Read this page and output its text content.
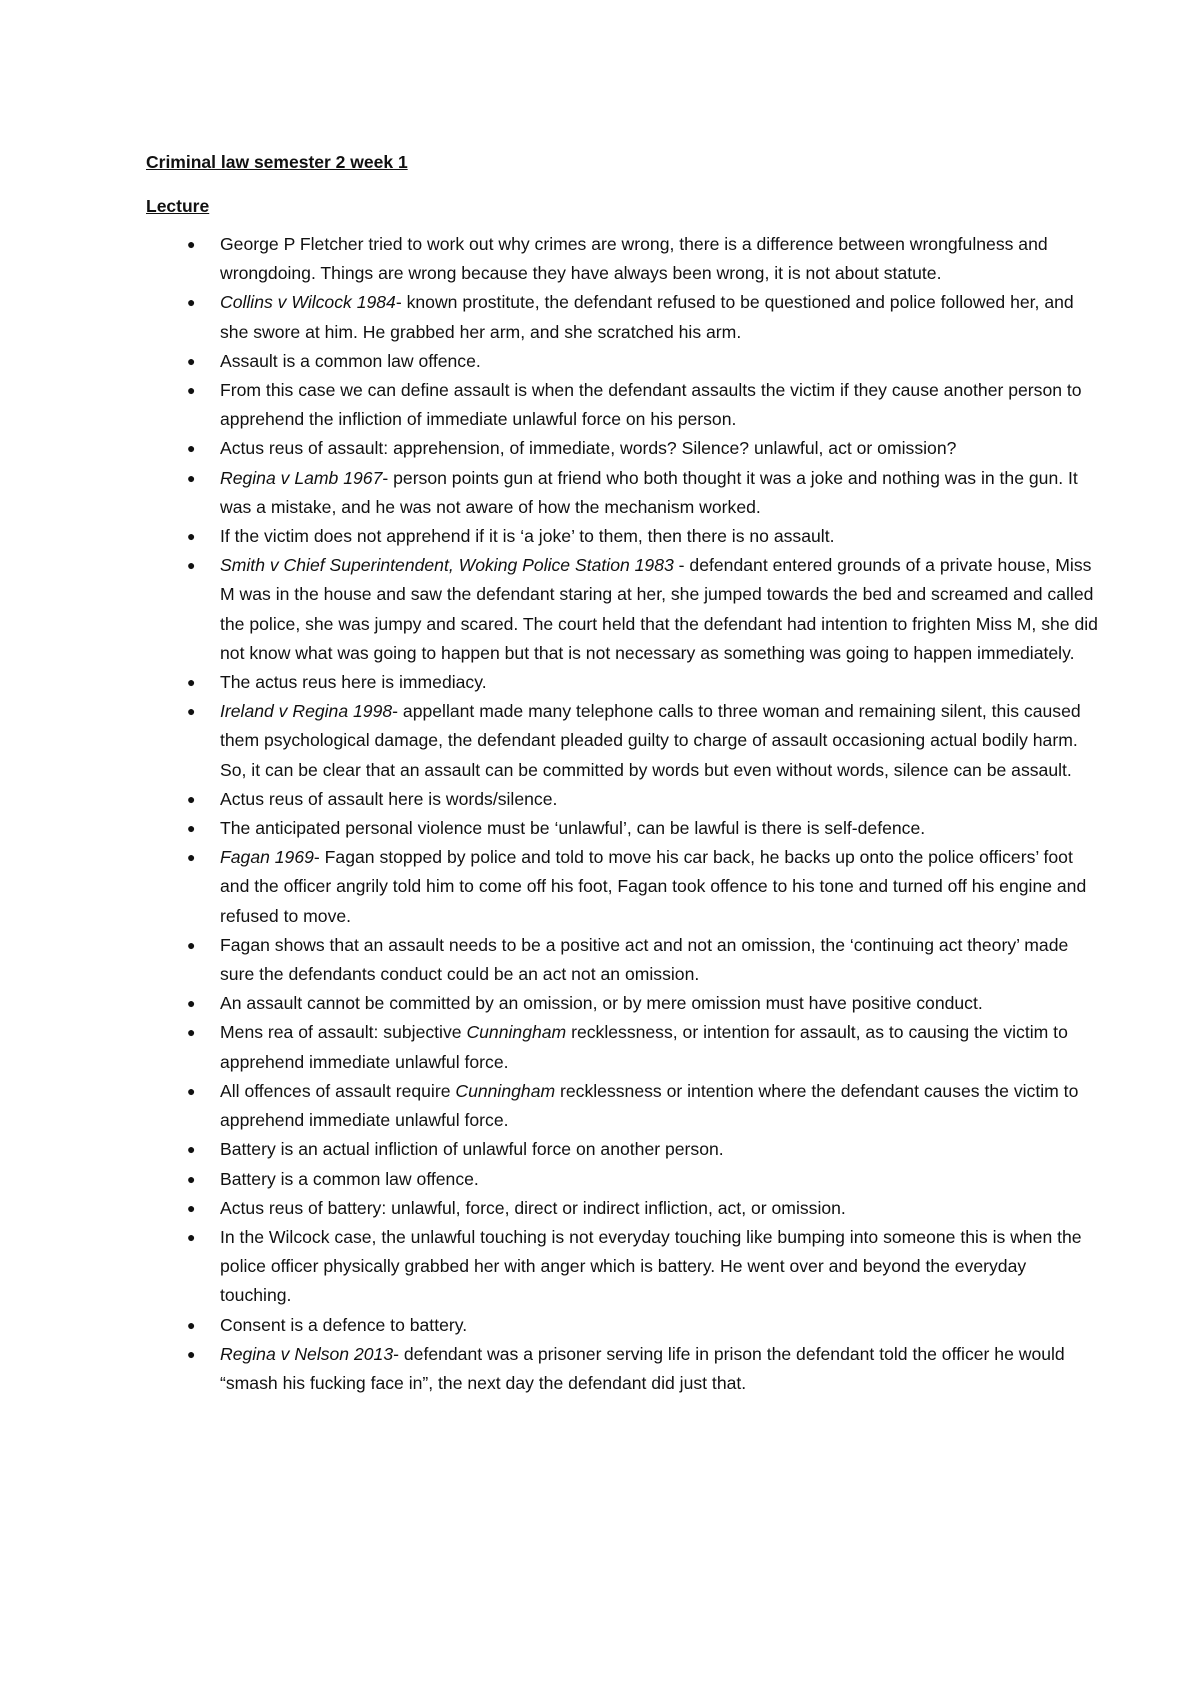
Criminal law semester 2 week 1

Lecture

● George P Fletcher tried to work out why crimes are wrong, there is a difference between wrongfulness and wrongdoing. Things are wrong because they have always been wrong, it is not about statute.
● Collins v Wilcock 1984- known prostitute, the defendant refused to be questioned and police followed her, and she swore at him. He grabbed her arm, and she scratched his arm.
● Assault is a common law offence.
● From this case we can define assault is when the defendant assaults the victim if they cause another person to apprehend the infliction of immediate unlawful force on his person.
● Actus reus of assault: apprehension, of immediate, words? Silence? unlawful, act or omission?
● Regina v Lamb 1967- person points gun at friend who both thought it was a joke and nothing was in the gun. It was a mistake, and he was not aware of how the mechanism worked.
● If the victim does not apprehend if it is ‘a joke’ to them, then there is no assault.
● Smith v Chief Superintendent, Woking Police Station 1983 - defendant entered grounds of a private house, Miss M was in the house and saw the defendant staring at her, she jumped towards the bed and screamed and called the police, she was jumpy and scared. The court held that the defendant had intention to frighten Miss M, she did not know what was going to happen but that is not necessary as something was going to happen immediately.
● The actus reus here is immediacy.
● Ireland v Regina 1998- appellant made many telephone calls to three woman and remaining silent, this caused them psychological damage, the defendant pleaded guilty to charge of assault occasioning actual bodily harm. So, it can be clear that an assault can be committed by words but even without words, silence can be assault.
● Actus reus of assault here is words/silence.
● The anticipated personal violence must be ‘unlawful’, can be lawful is there is self-defence.
● Fagan 1969- Fagan stopped by police and told to move his car back, he backs up onto the police officers’ foot and the officer angrily told him to come off his foot, Fagan took offence to his tone and turned off his engine and refused to move.
● Fagan shows that an assault needs to be a positive act and not an omission, the ‘continuing act theory’ made sure the defendants conduct could be an act not an omission.
● An assault cannot be committed by an omission, or by mere omission must have positive conduct.
● Mens rea of assault: subjective Cunningham recklessness, or intention for assault, as to causing the victim to apprehend immediate unlawful force.
● All offences of assault require Cunningham recklessness or intention where the defendant causes the victim to apprehend immediate unlawful force.
● Battery is an actual infliction of unlawful force on another person.
● Battery is a common law offence.
● Actus reus of battery: unlawful, force, direct or indirect infliction, act, or omission.
● In the Wilcock case, the unlawful touching is not everyday touching like bumping into someone this is when the police officer physically grabbed her with anger which is battery. He went over and beyond the everyday touching.
● Consent is a defence to battery.
● Regina v Nelson 2013- defendant was a prisoner serving life in prison the defendant told the officer he would “smash his fucking face in”, the next day the defendant did just that.
